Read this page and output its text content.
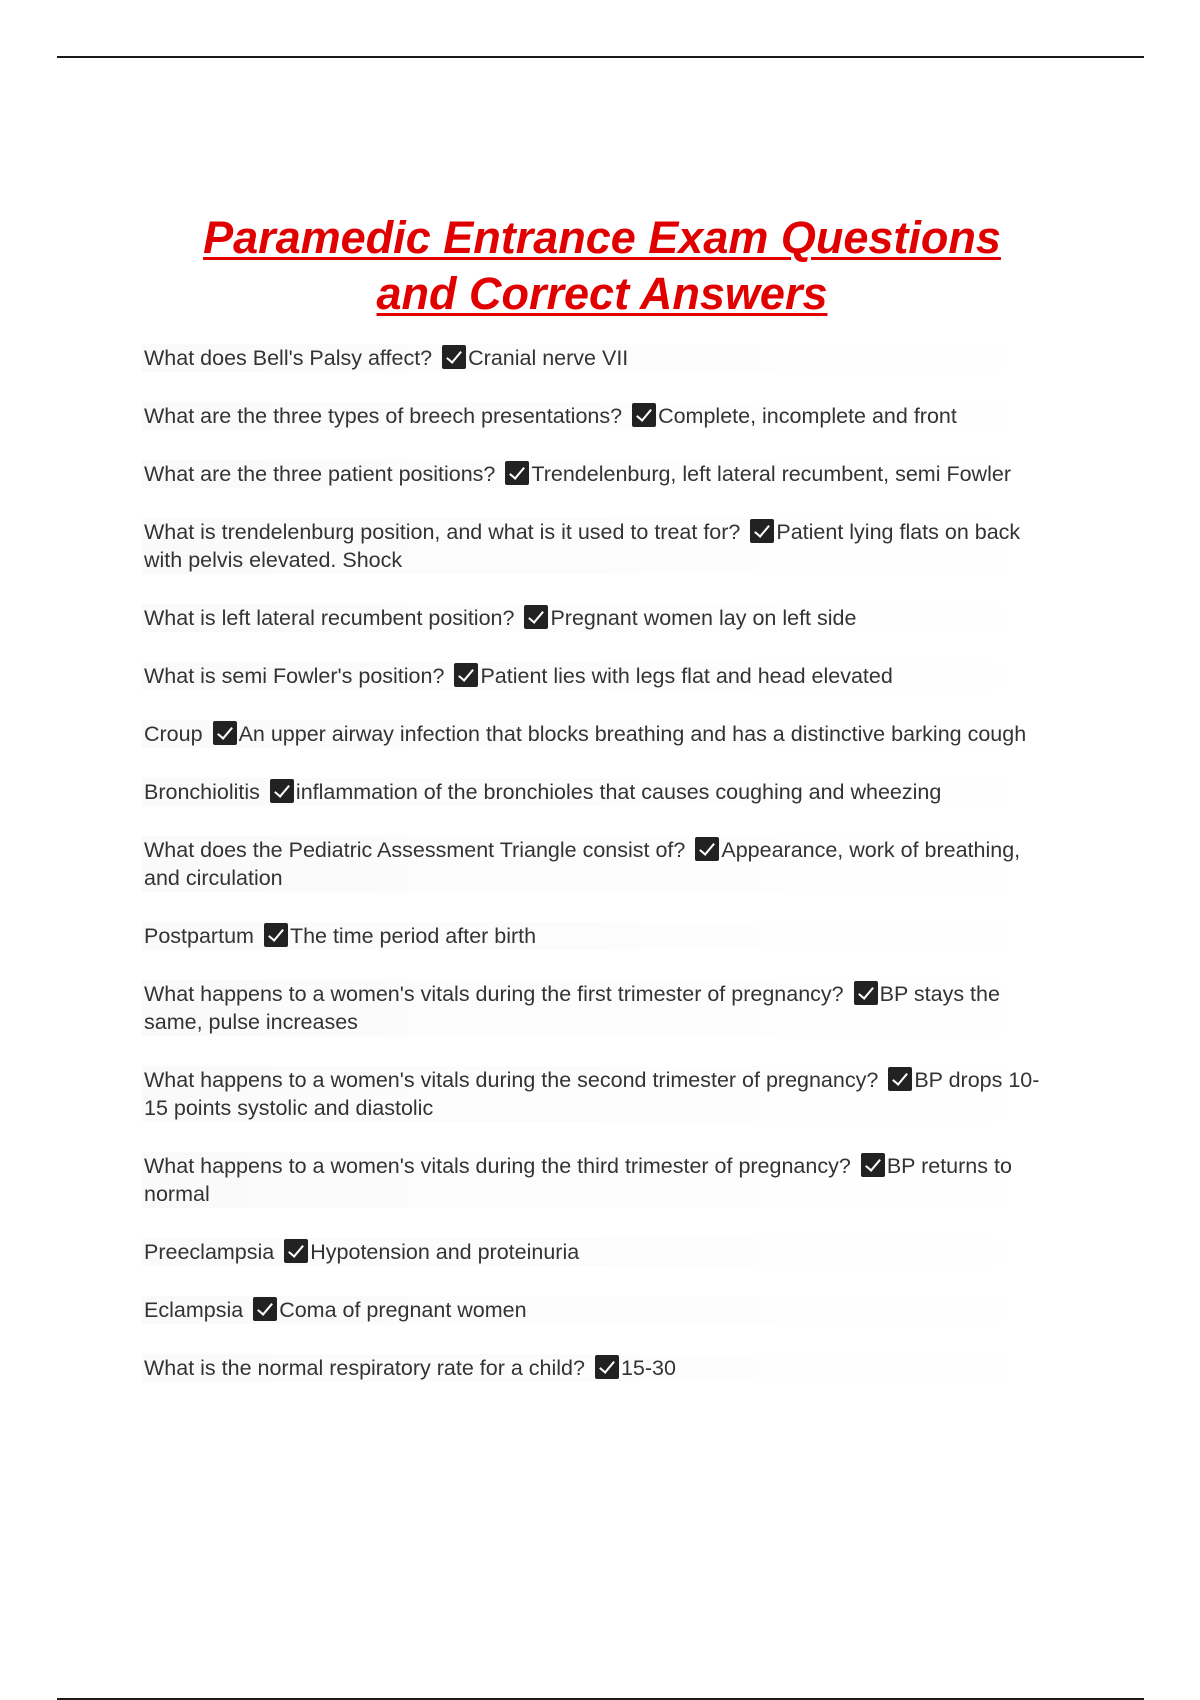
Paramedic Entrance Exam Questions
and Correct Answers
What does Bell's Palsy affect? Cranial nerve VII
What are the three types of breech presentations? Complete, incomplete and front
What are the three patient positions? Trendelenburg, left lateral recumbent, semi Fowler
What is trendelenburg position, and what is it used to treat for? Patient lying flats on back with pelvis elevated. Shock
What is left lateral recumbent position? Pregnant women lay on left side
What is semi Fowler's position? Patient lies with legs flat and head elevated
Croup An upper airway infection that blocks breathing and has a distinctive barking cough
Bronchiolitis inflammation of the bronchioles that causes coughing and wheezing
What does the Pediatric Assessment Triangle consist of? Appearance, work of breathing, and circulation
Postpartum The time period after birth
What happens to a women's vitals during the first trimester of pregnancy? BP stays the same, pulse increases
What happens to a women's vitals during the second trimester of pregnancy? BP drops 10-15 points systolic and diastolic
What happens to a women's vitals during the third trimester of pregnancy? BP returns to normal
Preeclampsia Hypotension and proteinuria
Eclampsia Coma of pregnant women
What is the normal respiratory rate for a child? 15-30
